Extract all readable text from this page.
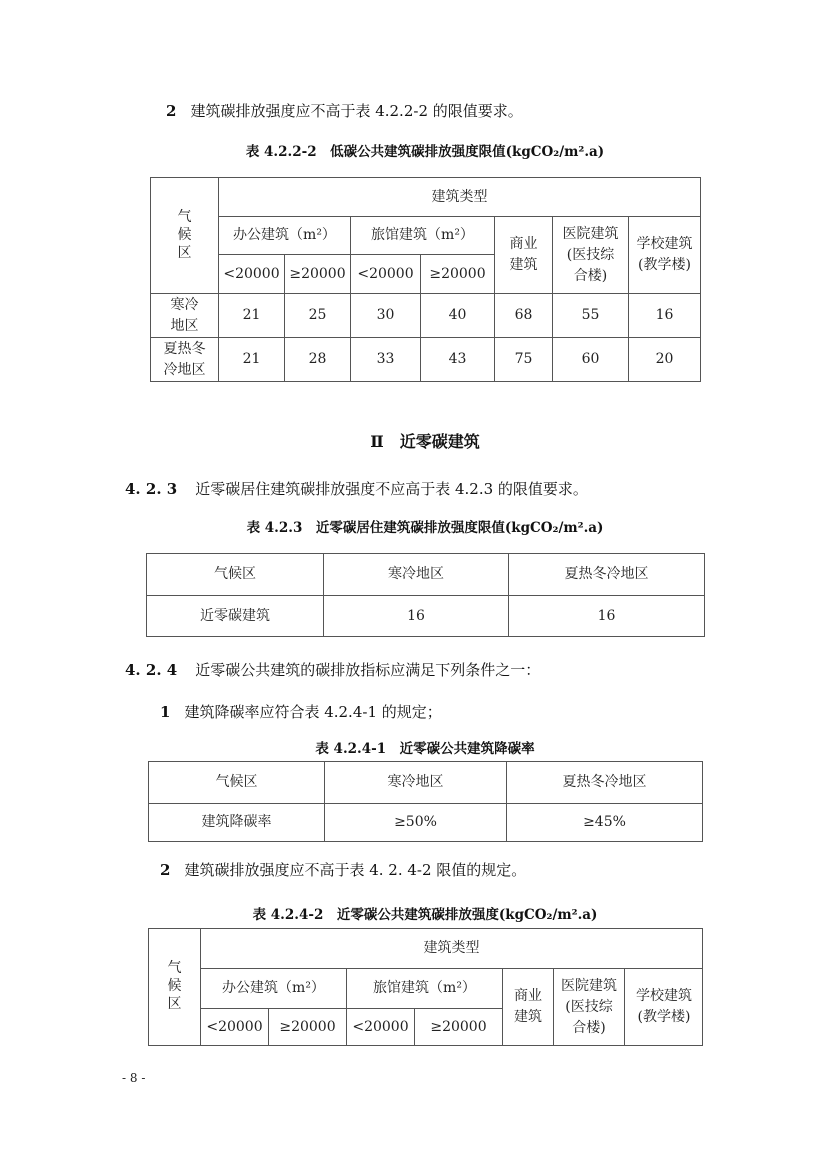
2 建筑碳排放强度应不高于表 4.2.2-2 的限值要求。
表 4.2.2-2　低碳公共建筑碳排放强度限值(kgCO₂/m².a)
气候区	建筑类型						
	办公建筑（m²）		旅馆建筑（m²）		商业建筑	医院建筑(医技综合楼)	学校建筑(教学楼)
	<20000	≥20000	<20000	≥20000			
寒冷地区	21	25	30	40	68	55	16
夏热冬冷地区	21	28	33	43	75	60	20
Ⅱ　近零碳建筑
4. 2. 3 近零碳居住建筑碳排放强度不应高于表 4.2.3 的限值要求。
表 4.2.3　近零碳居住建筑碳排放强度限值(kgCO₂/m².a)
气候区	寒冷地区	夏热冬冷地区
近零碳建筑	16	16
4. 2. 4 近零碳公共建筑的碳排放指标应满足下列条件之一：
1 建筑降碳率应符合表 4.2.4-1 的规定；
表 4.2.4-1　近零碳公共建筑降碳率
气候区	寒冷地区	夏热冬冷地区
建筑降碳率	≥50%	≥45%
2 建筑碳排放强度应不高于表 4. 2. 4-2 限值的规定。
表 4.2.4-2　近零碳公共建筑碳排放强度(kgCO₂/m².a)
气候区	建筑类型						
	办公建筑（m²）		旅馆建筑（m²）		商业建筑	医院建筑(医技综合楼)	学校建筑(教学楼)
	<20000	≥20000	<20000	≥20000			
- 8 -
